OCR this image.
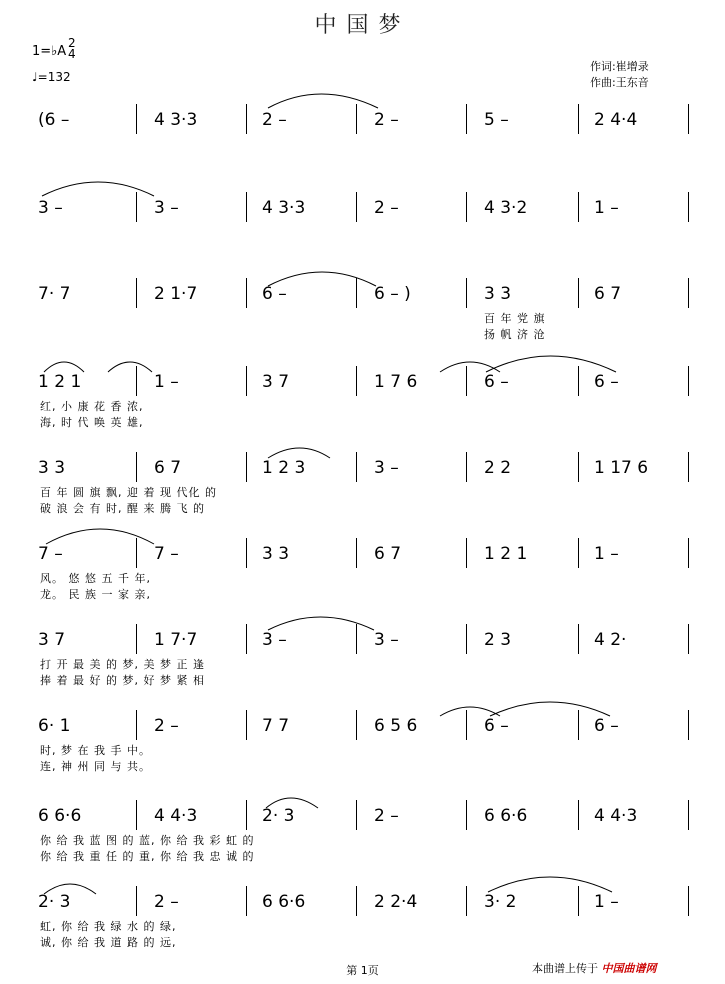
中国梦
1=♭A
2
4
♩=132
作词:崔增录
作曲:王东音
(6 –	4 3·3	2 –	2 –	5 –	2 4·4
3 –	3 –	4 3·3	2 –	4 3·2	1 –
7· 7	2 1·7	6 –	6 – )	3 3	6 7
百 年 党 旗
扬 帆 济 沧
1 2 1	1 –	3 7	1 7 6	6 –	6 –
红, 小 康 花 香 浓,
海, 时 代 唤 英 雄,
3 3	6 7	1 2 3	3 –	2 2	1 17 6
百 年 圆 旗 飘, 迎 着 现 代化 的
破 浪 会 有 时, 醒 来 腾 飞 的
7 –	7 –	3 3	6 7	1 2 1	1 –
风。 悠 悠 五 千 年,
龙。 民 族 一 家 亲,
3 7	1 7·7	3 –	3 –	2 3	4 2·
打 开 最 美 的 梦, 美 梦 正 逢
捧 着 最 好 的 梦, 好 梦 紧 相
6· 1	2 –	7 7	6 5 6	6 –	6 –
时, 梦 在 我 手 中。
连, 神 州 同 与 共。
6 6·6	4 4·3	2· 3	2 –	6 6·6	4 4·3
你 给 我 蓝 图 的 蓝, 你 给 我 彩 虹 的
你 给 我 重 任 的 重, 你 给 我 忠 诚 的
2· 3	2 –	6 6·6	2 2·4	3· 2	1 –
虹, 你 给 我 绿 水 的 绿,
诚, 你 给 我 道 路 的 远,
第 1页	本曲谱上传于 中国曲谱网
